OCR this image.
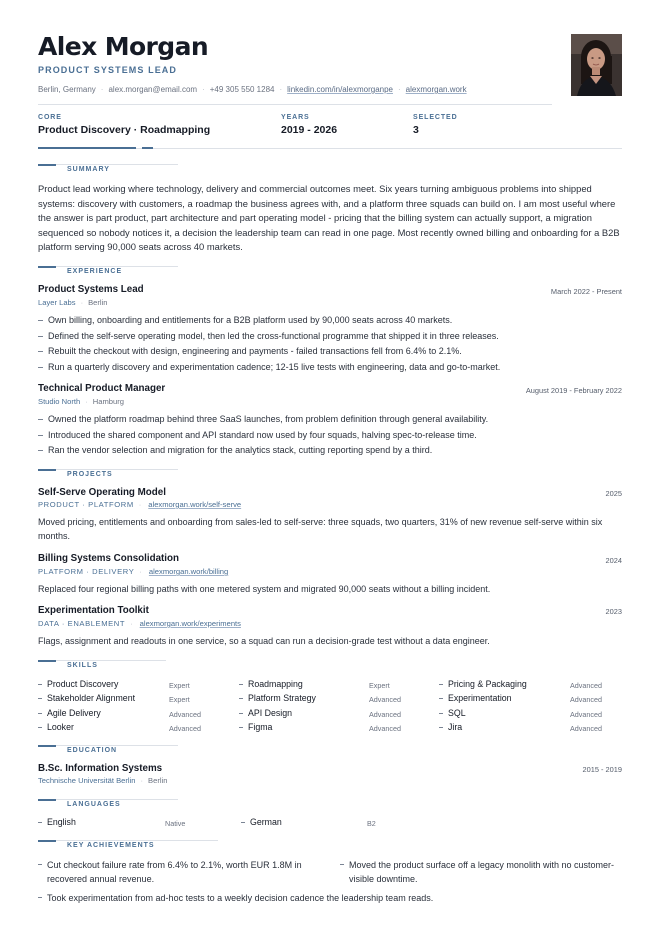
Alex Morgan
PRODUCT SYSTEMS LEAD
Berlin, Germany · alex.morgan@email.com · +49 305 550 1284 · linkedin.com/in/alexmorganpe · alexmorgan.work
CORE
Product Discovery · Roadmapping
YEARS
2019 - 2026
SELECTED
3
SUMMARY
Product lead working where technology, delivery and commercial outcomes meet. Six years turning ambiguous problems into shipped systems: discovery with customers, a roadmap the business agrees with, and a platform three squads can build on. I am most useful where the answer is part product, part architecture and part operating model - pricing that the billing system can actually support, a migration sequenced so nobody notices it, a decision the leadership team can read in one page. Most recently owned billing and onboarding for a B2B platform serving 90,000 seats across 40 markets.
EXPERIENCE
Product Systems Lead	March 2022 - Present
Layer Labs · Berlin
Own billing, onboarding and entitlements for a B2B platform used by 90,000 seats across 40 markets.
Defined the self-serve operating model, then led the cross-functional programme that shipped it in three releases.
Rebuilt the checkout with design, engineering and payments - failed transactions fell from 6.4% to 2.1%.
Run a quarterly discovery and experimentation cadence; 12-15 live tests with engineering, data and go-to-market.
Technical Product Manager	August 2019 - February 2022
Studio North · Hamburg
Owned the platform roadmap behind three SaaS launches, from problem definition through general availability.
Introduced the shared component and API standard now used by four squads, halving spec-to-release time.
Ran the vendor selection and migration for the analytics stack, cutting reporting spend by a third.
PROJECTS
Self-Serve Operating Model	2025
PRODUCT · PLATFORM · alexmorgan.work/self-serve
Moved pricing, entitlements and onboarding from sales-led to self-serve: three squads, two quarters, 31% of new revenue self-serve within six months.
Billing Systems Consolidation	2024
PLATFORM · DELIVERY · alexmorgan.work/billing
Replaced four regional billing paths with one metered system and migrated 90,000 seats without a billing incident.
Experimentation Toolkit	2023
DATA · ENABLEMENT · alexmorgan.work/experiments
Flags, assignment and readouts in one service, so a squad can run a decision-grade test without a data engineer.
SKILLS
Product Discovery	Expert	Roadmapping	Expert	Pricing & Packaging	Advanced
Stakeholder Alignment	Expert	Platform Strategy	Advanced	Experimentation	Advanced
Agile Delivery	Advanced	API Design	Advanced	SQL	Advanced
Looker	Advanced	Figma	Advanced	Jira	Advanced
EDUCATION
B.Sc. Information Systems	2015 - 2019
Technische Universität Berlin · Berlin
LANGUAGES
English	Native	German	B2
KEY ACHIEVEMENTS
Cut checkout failure rate from 6.4% to 2.1%, worth EUR 1.8M in recovered annual revenue.
Moved the product surface off a legacy monolith with no customer-visible downtime.
Took experimentation from ad-hoc tests to a weekly decision cadence the leadership team reads.
